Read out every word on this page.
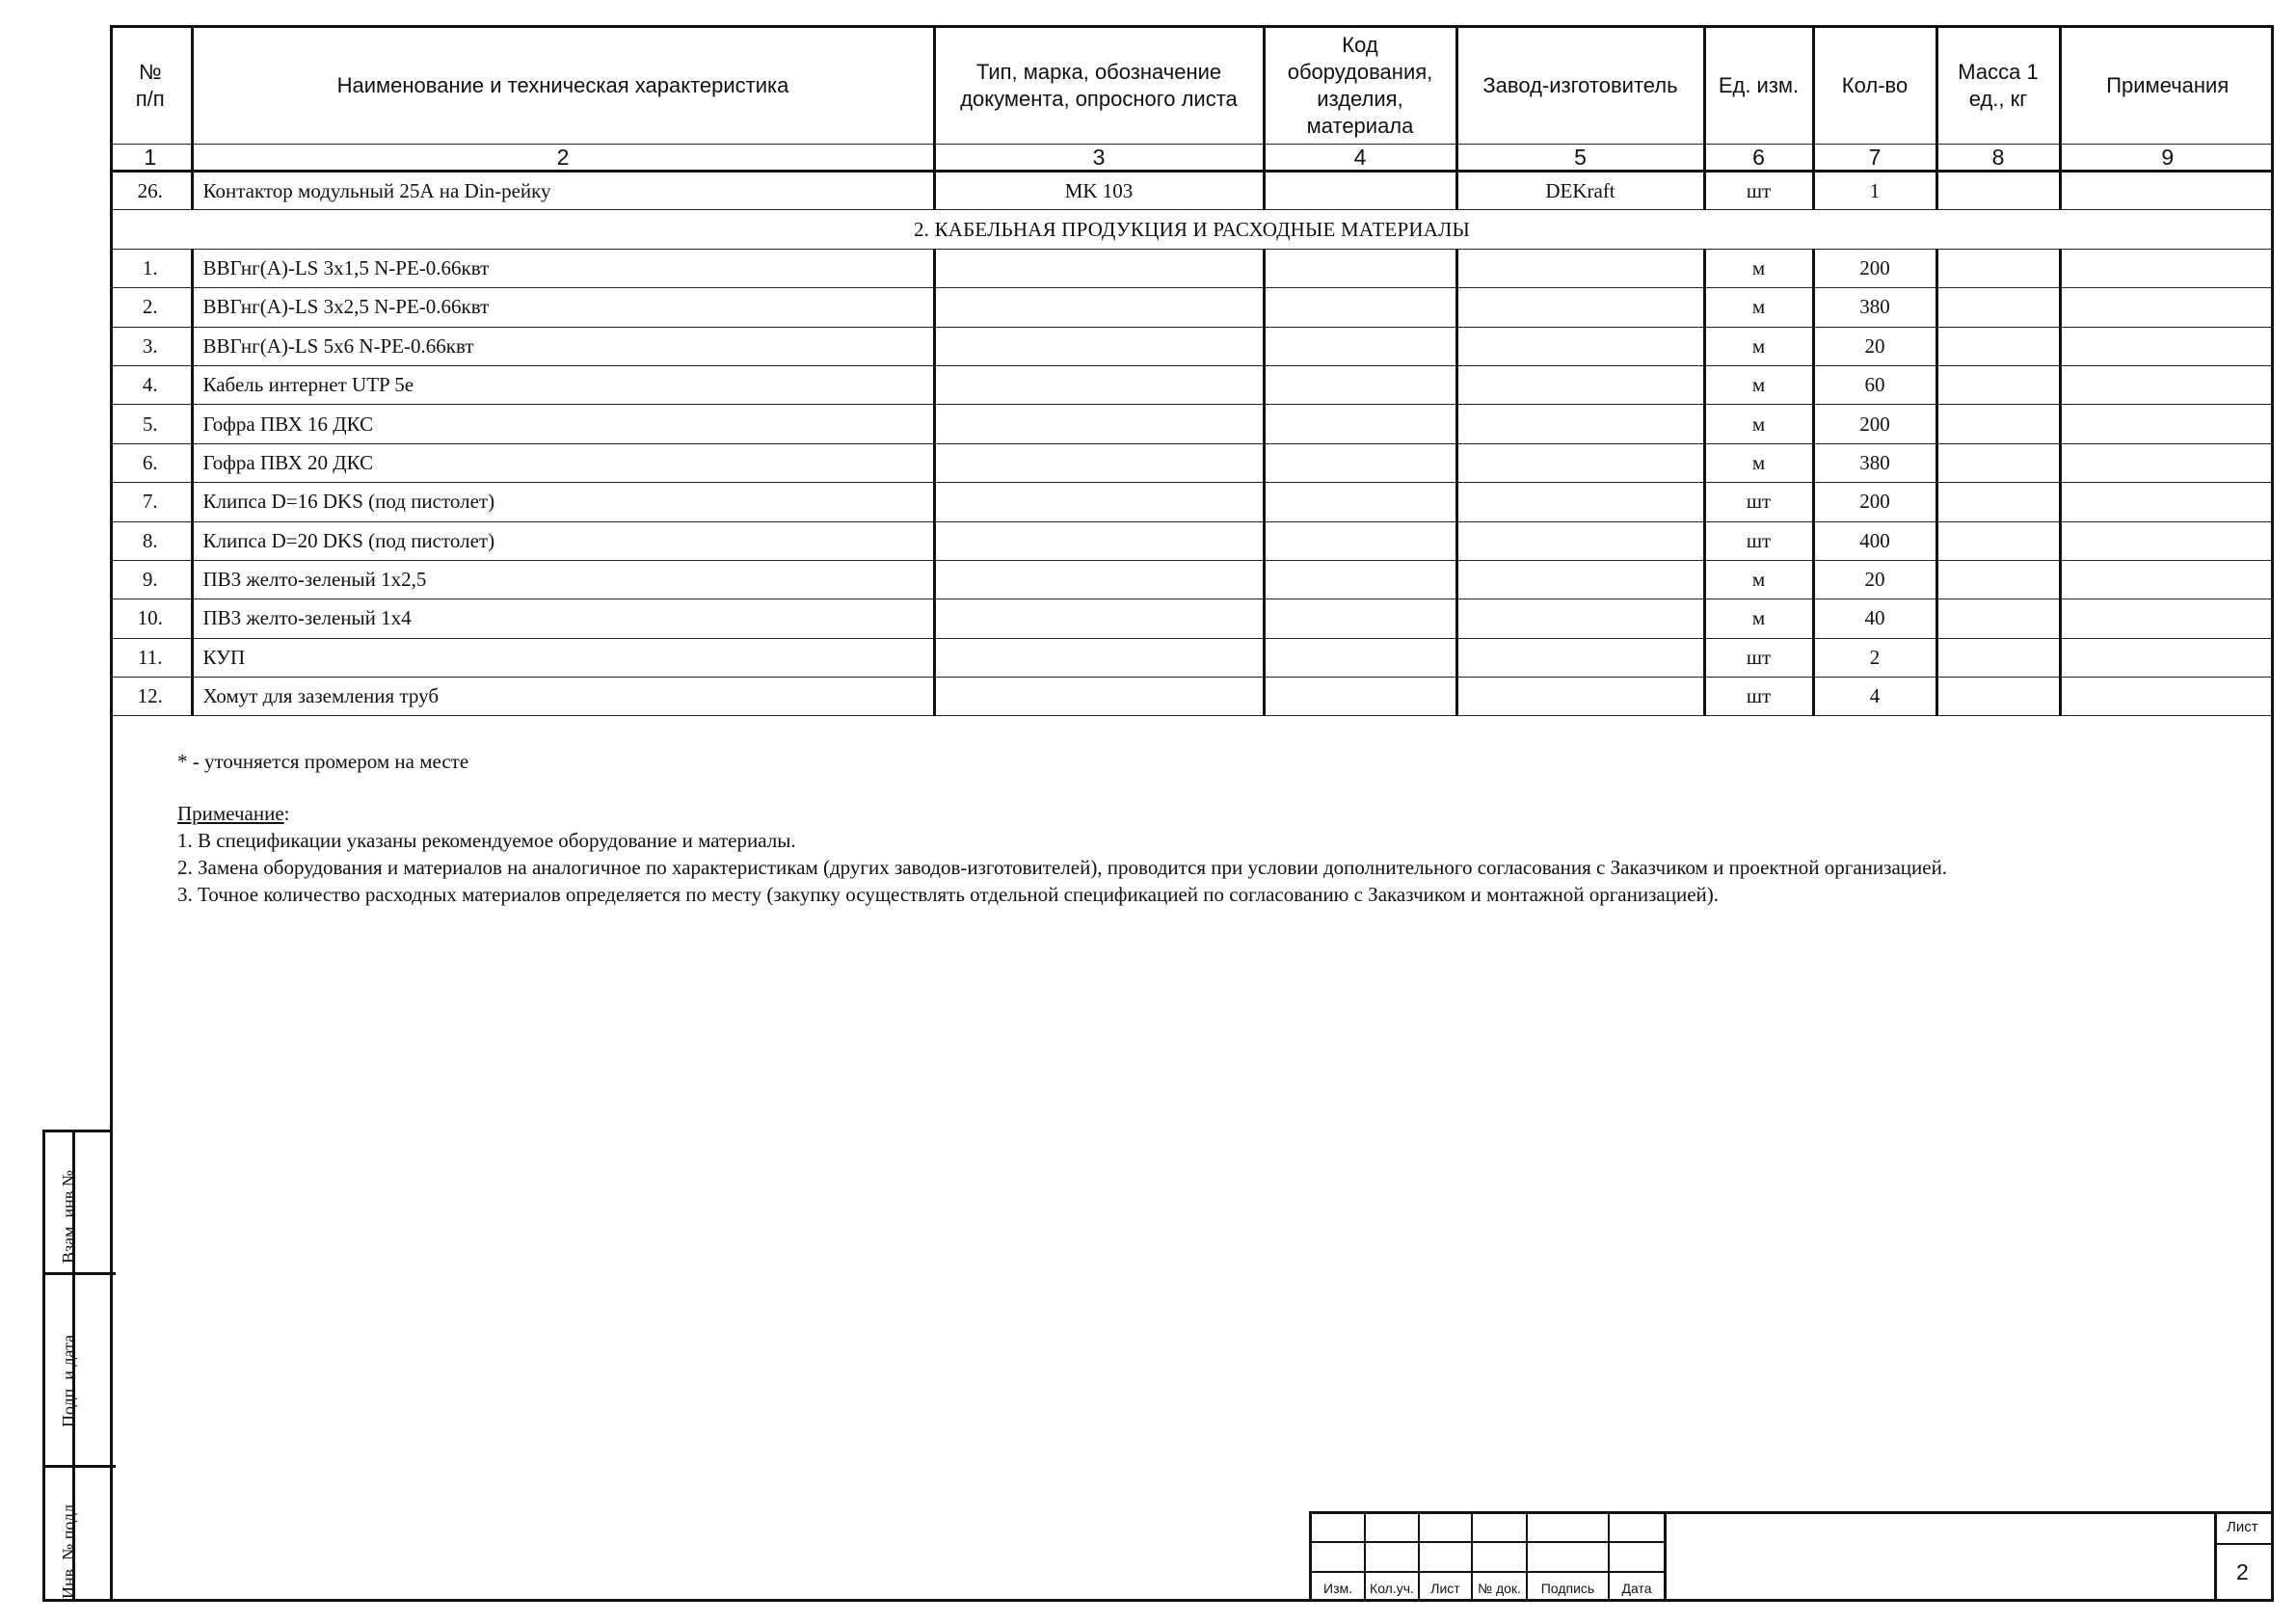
№ п/п	Наименование и техническая характеристика	Тип, марка, обозначение документа, опросного листа	Код оборудования, изделия, материала	Завод-изготовитель	Ед. изм.	Кол-во	Масса 1 ед., кг	Примечания
1	2	3	4	5	6	7	8	9
26.	Контактор модульный 25А на Din-рейку	MK 103		DEKraft	шт	1		
2. КАБЕЛЬНАЯ ПРОДУКЦИЯ И РАСХОДНЫЕ МАТЕРИАЛЫ								
1.	ВВГнг(А)-LS 3х1,5 N-PE-0.66квт				м	200		
2.	ВВГнг(А)-LS 3х2,5 N-PE-0.66квт				м	380		
3.	ВВГнг(А)-LS 5х6 N-PE-0.66квт				м	20		
4.	Кабель интернет UTP 5e				м	60		
5.	Гофра ПВХ 16 ДКС				м	200		
6.	Гофра ПВХ 20 ДКС				м	380		
7.	Клипса D=16 DKS (под пистолет)				шт	200		
8.	Клипса D=20 DKS (под пистолет)				шт	400		
9.	ПВ3 желто-зеленый 1х2,5				м	20		
10.	ПВ3 желто-зеленый 1х4				м	40		
11.	КУП				шт	2		
12.	Хомут для заземления труб				шт	4		
* - уточняется промером на месте
Примечание:
1. В спецификации указаны рекомендуемое оборудование и материалы.
2. Замена оборудования и материалов на аналогичное по характеристикам (других заводов-изготовителей), проводится при условии дополнительного согласования с Заказчиком и проектной организацией.
3. Точное количество расходных материалов определяется по месту (закупку осуществлять отдельной спецификацией по согласованию с Заказчиком и монтажной организацией).
Взам. инв.№
Подп. и дата
Инв. № подл.	Изм.	Кол.уч.	Лист	№ док.	Подпись	Дата
Лист
2
